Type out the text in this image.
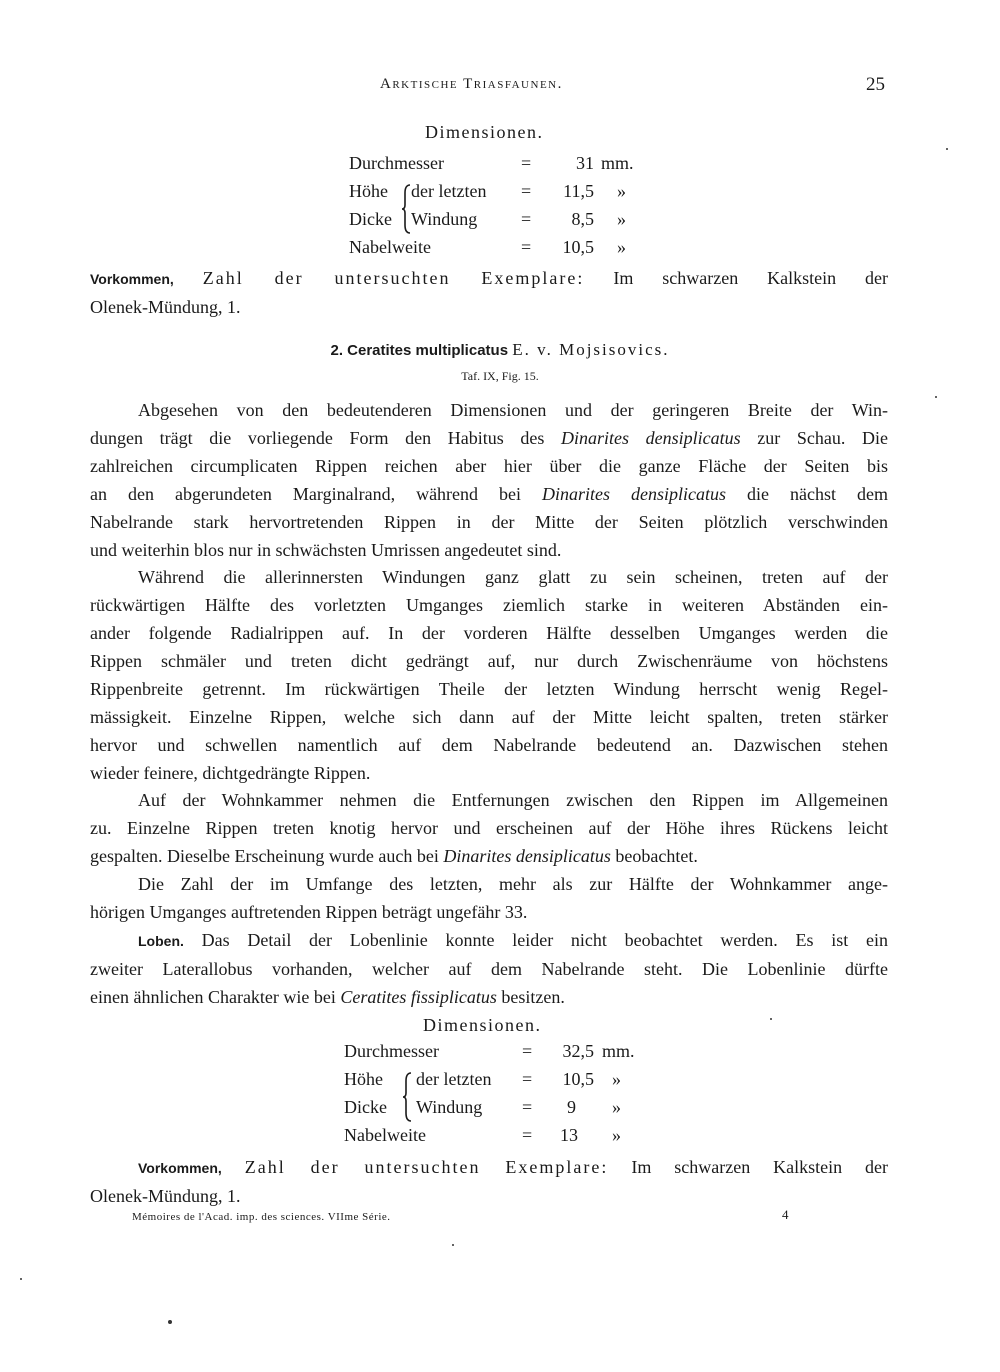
Arktische Triasfaunen.	25
Dimensionen.
Durchmesser	=	31 mm.
Höhe der letzten =	11,5 »
Dicke Windung =	8,5 »
Nabelweite	=	10,5 »
Vorkommen, Zahl der untersuchten Exemplare: Im schwarzen Kalkstein der
Olenek-Mündung, 1.
2. Ceratites multiplicatus E. v. Mojsisovics.
Taf. IX, Fig. 15.
Abgesehen von den bedeutenderen Dimensionen und der geringeren Breite der Win-
dungen trägt die vorliegende Form den Habitus des Dinarites densiplicatus zur Schau. Die
zahlreichen circumplicaten Rippen reichen aber hier über die ganze Fläche der Seiten bis
an den abgerundeten Marginalrand, während bei Dinarites densiplicatus die nächst dem
Nabelrande stark hervortretenden Rippen in der Mitte der Seiten plötzlich verschwinden
und weiterhin blos nur in schwächsten Umrissen angedeutet sind.
Während die allerinnersten Windungen ganz glatt zu sein scheinen, treten auf der
rückwärtigen Hälfte des vorletzten Umganges ziemlich starke in weiteren Abständen ein-
ander folgende Radialrippen auf. In der vorderen Hälfte desselben Umganges werden die
Rippen schmäler und treten dicht gedrängt auf, nur durch Zwischenräume von höchstens
Rippenbreite getrennt. Im rückwärtigen Theile der letzten Windung herrscht wenig Regel-
mässigkeit. Einzelne Rippen, welche sich dann auf der Mitte leicht spalten, treten stärker
hervor und schwellen namentlich auf dem Nabelrande bedeutend an. Dazwischen stehen
wieder feinere, dichtgedrängte Rippen.
Auf der Wohnkammer nehmen die Entfernungen zwischen den Rippen im Allgemeinen
zu. Einzelne Rippen treten knotig hervor und erscheinen auf der Höhe ihres Rückens leicht
gespalten. Dieselbe Erscheinung wurde auch bei Dinarites densiplicatus beobachtet.
Die Zahl der im Umfange des letzten, mehr als zur Hälfte der Wohnkammer ange-
hörigen Umganges auftretenden Rippen beträgt ungefähr 33.
Loben. Das Detail der Lobenlinie konnte leider nicht beobachtet werden. Es ist ein
zweiter Laterallobus vorhanden, welcher auf dem Nabelrande steht. Die Lobenlinie dürfte
einen ähnlichen Charakter wie bei Ceratites fissiplicatus besitzen.
Dimensionen.
Durchmesser	=	32,5 mm.
Höhe der letzten =	10,5 »
Dicke Windung =	9 »
Nabelweite	=	13 »
Vorkommen, Zahl der untersuchten Exemplare: Im schwarzen Kalkstein der
Olenek-Mündung, 1.
Mémoires de l'Acad. imp. des sciences. VIIme Série.	4
